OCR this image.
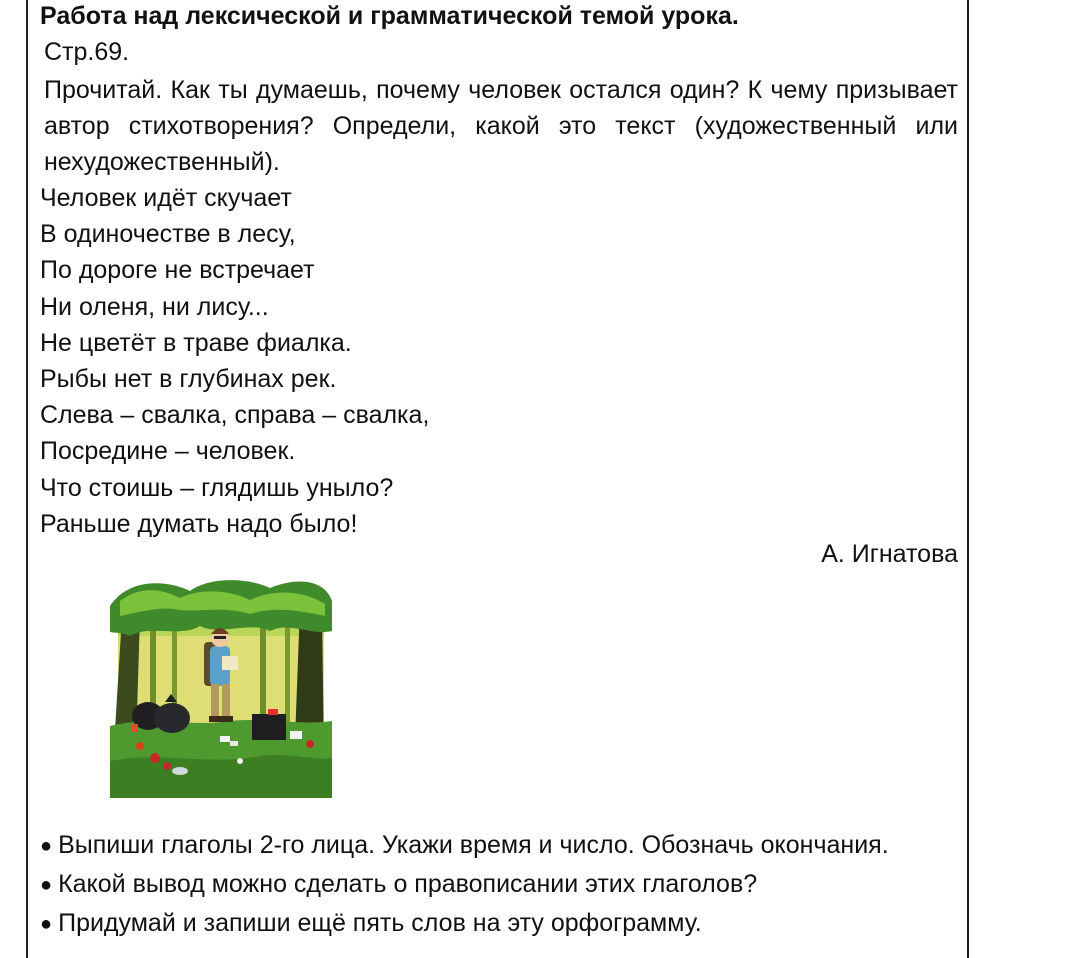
Работа над лексической и грамматической темой урока.
Стр.69.
Прочитай. Как ты думаешь, почему человек остался один? К чему призывает автор стихотворения? Определи, какой это текст (художественный или нехудожественный).
Человек идёт скучает
В одиночестве в лесу,
По дороге не встречает
Ни оленя, ни лису...
Не цветёт в траве фиалка.
Рыбы нет в глубинах рек.
Слева – свалка, справа – свалка,
Посредине – человек.
Что стоишь – глядишь уныло?
Раньше думать надо было!
А. Игнатова
● Выпиши глаголы 2-го лица. Укажи время и число. Обозначь окончания.
● Какой вывод можно сделать о правописании этих глаголов?
● Придумай и запиши ещё пять слов на эту орфограмму.
